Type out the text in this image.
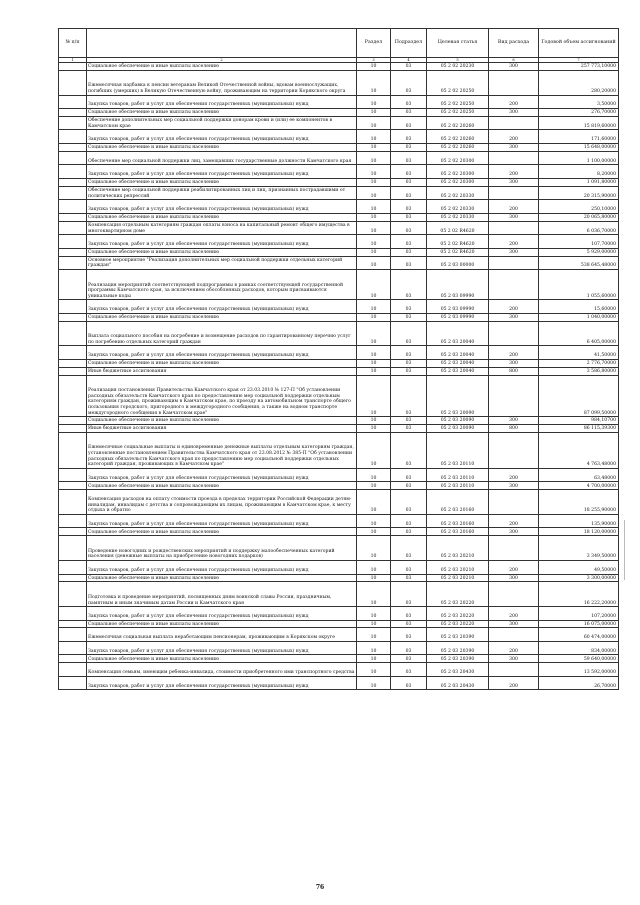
№ п/п		Раздел	Подраздел	Целевая статья	Вид расхода	Годовой объем ассигнований
1	2	3	4	5	6	7
	Социальное обеспечение и иные выплаты населению	10	03	05 2 02 20230	300	257 773,10000
	Ежемесячная надбавка к пенсии ветеранам Великой Отечественной войны, вдовам военнослужащих, погибших (умерших) в Великую Отечественную войну, проживающим на территории Корякского округа	10	03	05 2 02 20250		280,20000
	Закупка товаров, работ и услуг для обеспечения государственных (муниципальных) нужд	10	03	05 2 02 20250	200	3,50000
	Социальное обеспечение и иные выплаты населению	10	03	05 2 02 20250	300	276,70000
	Обеспечение дополнительных мер социальной поддержки донорам крови и (или) ее компонентов в Камчатском крае	10	03	05 2 02 20260		15 819,60000
	Закупка товаров, работ и услуг для обеспечения государственных (муниципальных) нужд	10	03	05 2 02 20260	200	171,60000
	Социальное обеспечение и иные выплаты населению	10	03	05 2 02 20260	300	15 648,00000
	Обеспечение мер социальной поддержки лиц, замещавших государственные должности Камчатского края	10	03	05 2 02 20300		1 100,00000
	Закупка товаров, работ и услуг для обеспечения государственных (муниципальных) нужд	10	03	05 2 02 20300	200	8,20000
	Социальное обеспечение и иные выплаты населению	10	03	05 2 02 20300	300	1 091,80000
	Обеспечение мер социальной поддержки реабилитированных лиц и лиц, признанных пострадавшими от политических репрессий	10	03	05 2 02 20330		20 315,90000
	Закупка товаров, работ и услуг для обеспечения государственных (муниципальных) нужд	10	03	05 2 02 20330	200	250,10000
	Социальное обеспечение и иные выплаты населению	10	03	05 2 02 20330	300	20 065,80000
	Компенсация отдельным категориям граждан оплаты взноса на капитальный ремонт общего имущества в многоквартирном доме	10	03	05 2 02 R4620		6 036,70000
	Закупка товаров, работ и услуг для обеспечения государственных (муниципальных) нужд	10	03	05 2 02 R4620	200	107,70000
	Социальное обеспечение и иные выплаты населению	10	03	05 2 02 R4620	300	5 929,00000
	Основное мероприятие "Реализация дополнительных мер социальной поддержки отдельных категорий граждан"	10	03	05 2 03 00000		538 645,48000
	Реализация мероприятий соответствующей подпрограммы в рамках соответствующей государственной программы Камчатского края, за исключением обособленных расходов, которым присваиваются уникальные коды	10	03	05 2 03 09990		1 055,60000
	Закупка товаров, работ и услуг для обеспечения государственных (муниципальных) нужд	10	03	05 2 03 09990	200	15,60000
	Социальное обеспечение и иные выплаты населению	10	03	05 2 03 09990	300	1 040,00000
	Выплата социального пособия на погребение и возмещение расходов по гарантированному перечню услуг по погребению отдельных категорий граждан	10	03	05 2 03 20040		6 405,00000
	Закупка товаров, работ и услуг для обеспечения государственных (муниципальных) нужд	10	03	05 2 03 20040	200	41,50000
	Социальное обеспечение и иные выплаты населению	10	03	05 2 03 20040	300	2 776,70000
	Иные бюджетные ассигнования	10	03	05 2 03 20040	800	3 586,80000
	Реализация постановления Правительства Камчатского края от 23.03.2010 № 127-П "Об установлении расходных обязательств Камчатского края по предоставлению мер социальной поддержки отдельным категориям граждан, проживающим в Камчатском крае, по проезду на автомобильном транспорте общего пользования городского, пригородного и междугородного сообщения, а также на водном транспорте междугородного сообщения в Камчатском крае"	10	03	05 2 03 20090		87 099,50000
	Социальное обеспечение и иные выплаты населению	10	03	05 2 03 20090	300	984,10700
	Иные бюджетные ассигнования	10	03	05 2 03 20090	800	86 115,39300
	Ежемесячные социальные выплаты и единовременные денежные выплаты отдельным категориям граждан, установленные постановлением Правительства Камчатского края от 23.08.2012 № 385-П "Об установлении расходных обязательств Камчатского края по предоставлению мер социальной поддержки отдельных категорий граждан, проживающих в Камчатском крае"	10	03	05 2 03 20110		4 763,48000
	Закупка товаров, работ и услуг для обеспечения государственных (муниципальных) нужд	10	03	05 2 03 20110	200	63,48000
	Социальное обеспечение и иные выплаты населению	10	03	05 2 03 20110	300	4 700,00000
	Компенсация расходов на оплату стоимости проезда в пределах территории Российской Федерации детям-инвалидам, инвалидам с детства и сопровождающим их лицам, проживающим в Камчатском крае, к месту отдыха и обратно	10	03	05 2 03 20160		18 255,90000
	Закупка товаров, работ и услуг для обеспечения государственных (муниципальных) нужд	10	03	05 2 03 20160	200	135,90000
	Социальное обеспечение и иные выплаты населению	10	03	05 2 03 20160	300	18 120,00000
	Проведение новогодних и рождественских мероприятий и поддержку малообеспеченных категорий населения (денежные выплаты на приобретение новогодних подарков)	10	03	05 2 03 20210		3 349,50000
	Закупка товаров, работ и услуг для обеспечения государственных (муниципальных) нужд	10	03	05 2 03 20210	200	49,50000
	Социальное обеспечение и иные выплаты населению	10	03	05 2 03 20210	300	3 300,00000
	Подготовка и проведение мероприятий, посвященных дням воинской славы России, праздничным, памятным и иным значимым датам России и Камчатского края	10	03	05 2 03 20220		16 222,20000
	Закупка товаров, работ и услуг для обеспечения государственных (муниципальных) нужд	10	03	05 2 03 20220	200	107,20000
	Социальное обеспечение и иные выплаты населению	10	03	05 2 03 20220	300	16 075,00000
	Ежемесячная социальная выплата неработающим пенсионерам, проживающим в Корякском округе	10	03	05 2 03 20390		60 474,00000
	Закупка товаров, работ и услуг для обеспечения государственных (муниципальных) нужд	10	03	05 2 03 20390	200	834,00000
	Социальное обеспечение и иные выплаты населению	10	03	05 2 03 20390	300	59 640,00000
	Компенсация семьям, имеющим ребенка-инвалида, стоимости приобретенного ими транспортного средства	10	03	05 2 03 20430		13 592,00000
	Закупка товаров, работ и услуг для обеспечения государственных (муниципальных) нужд	10	03	05 2 03 20430	200	26,70000
76
